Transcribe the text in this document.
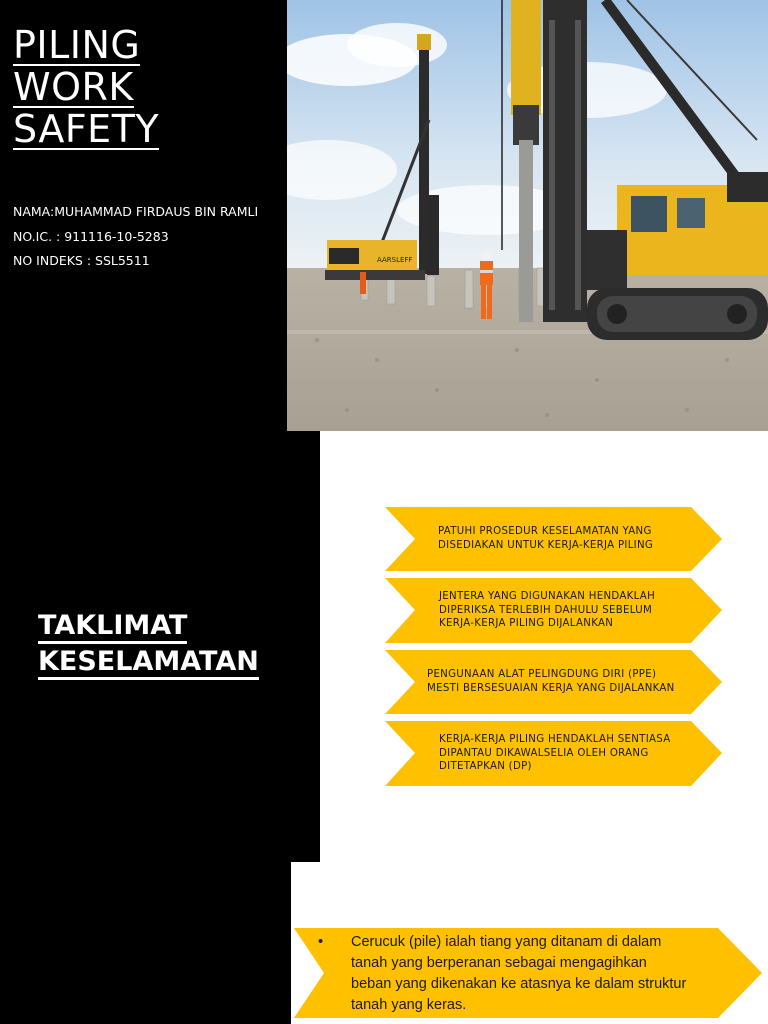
PILING
WORK
SAFETY
NAMA:MUHAMMAD FIRDAUS BIN RAMLI
NO.IC. : 911116-10-5283
NO INDEKS : SSL5511	AARSLEFF
TAKLIMAT
KESELAMATAN
PATUHI PROSEDUR KESELAMATAN YANG
DISEDIAKAN UNTUK KERJA-KERJA PILING
JENTERA YANG DIGUNAKAN HENDAKLAH
DIPERIKSA TERLEBIH DAHULU SEBELUM
KERJA-KERJA PILING DIJALANKAN
PENGUNAAN ALAT PELINGDUNG DIRI (PPE)
MESTI BERSESUAIAN KERJA YANG DIJALANKAN
KERJA-KERJA PILING HENDAKLAH SENTIASA
DIPANTAU DIKAWALSELIA OLEH ORANG
DITETAPKAN (DP)
• Cerucuk (pile) ialah tiang yang ditanam di dalam
tanah yang berperanan sebagai mengagihkan
beban yang dikenakan ke atasnya ke dalam struktur
tanah yang keras.
